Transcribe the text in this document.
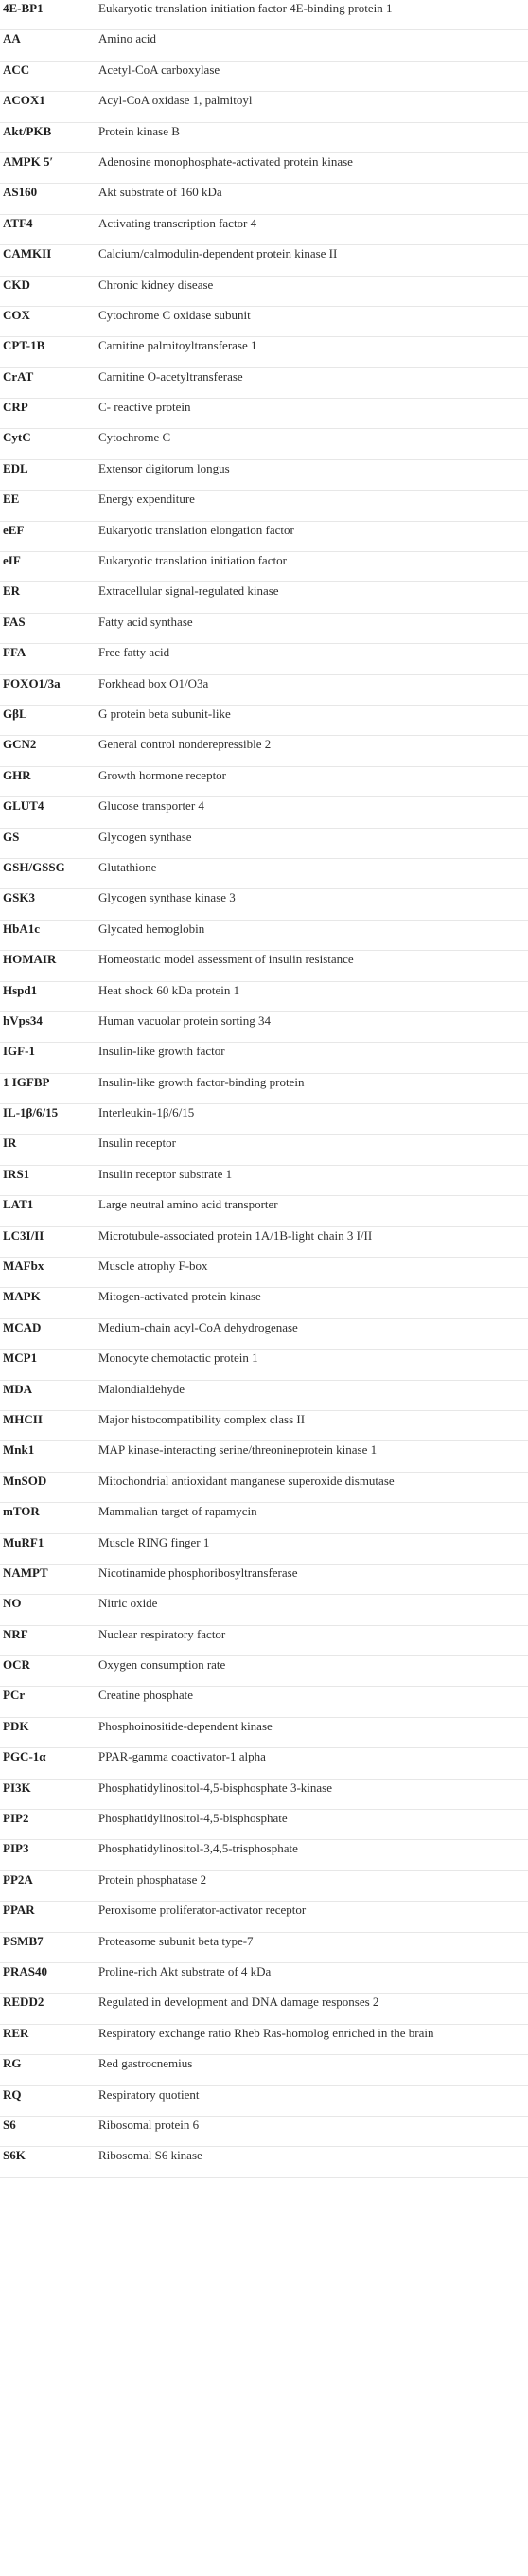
4E-BP1	Eukaryotic translation initiation factor 4E-binding protein 1
AA	Amino acid
ACC	Acetyl-CoA carboxylase
ACOX1	Acyl-CoA oxidase 1, palmitoyl
Akt/PKB	Protein kinase B
AMPK 5′	Adenosine monophosphate-activated protein kinase
AS160	Akt substrate of 160 kDa
ATF4	Activating transcription factor 4
CAMKII	Calcium/calmodulin-dependent protein kinase II
CKD	Chronic kidney disease
COX	Cytochrome C oxidase subunit
CPT-1B	Carnitine palmitoyltransferase 1
CrAT	Carnitine O-acetyltransferase
CRP	C- reactive protein
CytC	Cytochrome C
EDL	Extensor digitorum longus
EE	Energy expenditure
eEF	Eukaryotic translation elongation factor
eIF	Eukaryotic translation initiation factor
ER	Extracellular signal-regulated kinase
FAS	Fatty acid synthase
FFA	Free fatty acid
FOXO1/3a	Forkhead box O1/O3a
GβL	G protein beta subunit-like
GCN2	General control nonderepressible 2
GHR	Growth hormone receptor
GLUT4	Glucose transporter 4
GS	Glycogen synthase
GSH/GSSG	Glutathione
GSK3	Glycogen synthase kinase 3
HbA1c	Glycated hemoglobin
HOMAIR	Homeostatic model assessment of insulin resistance
Hspd1	Heat shock 60 kDa protein 1
hVps34	Human vacuolar protein sorting 34
IGF-1	Insulin-like growth factor
1 IGFBP	Insulin-like growth factor-binding protein
IL-1β/6/15	Interleukin-1β/6/15
IR	Insulin receptor
IRS1	Insulin receptor substrate 1
LAT1	Large neutral amino acid transporter
LC3I/II	Microtubule-associated protein 1A/1B-light chain 3 I/II
MAFbx	Muscle atrophy F-box
MAPK	Mitogen-activated protein kinase
MCAD	Medium-chain acyl-CoA dehydrogenase
MCP1	Monocyte chemotactic protein 1
MDA	Malondialdehyde
MHCII	Major histocompatibility complex class II
Mnk1	MAP kinase-interacting serine/threonineprotein kinase 1
MnSOD	Mitochondrial antioxidant manganese superoxide dismutase
mTOR	Mammalian target of rapamycin
MuRF1	Muscle RING finger 1
NAMPT	Nicotinamide phosphoribosyltransferase
NO	Nitric oxide
NRF	Nuclear respiratory factor
OCR	Oxygen consumption rate
PCr	Creatine phosphate
PDK	Phosphoinositide-dependent kinase
PGC-1α	PPAR-gamma coactivator-1 alpha
PI3K	Phosphatidylinositol-4,5-bisphosphate 3-kinase
PIP2	Phosphatidylinositol-4,5-bisphosphate
PIP3	Phosphatidylinositol-3,4,5-trisphosphate
PP2A	Protein phosphatase 2
PPAR	Peroxisome proliferator-activator receptor
PSMB7	Proteasome subunit beta type-7
PRAS40	Proline-rich Akt substrate of 4 kDa
REDD2	Regulated in development and DNA damage responses 2
RER	Respiratory exchange ratio Rheb Ras-homolog enriched in the brain
RG	Red gastrocnemius
RQ	Respiratory quotient
S6	Ribosomal protein 6
S6K	Ribosomal S6 kinase
